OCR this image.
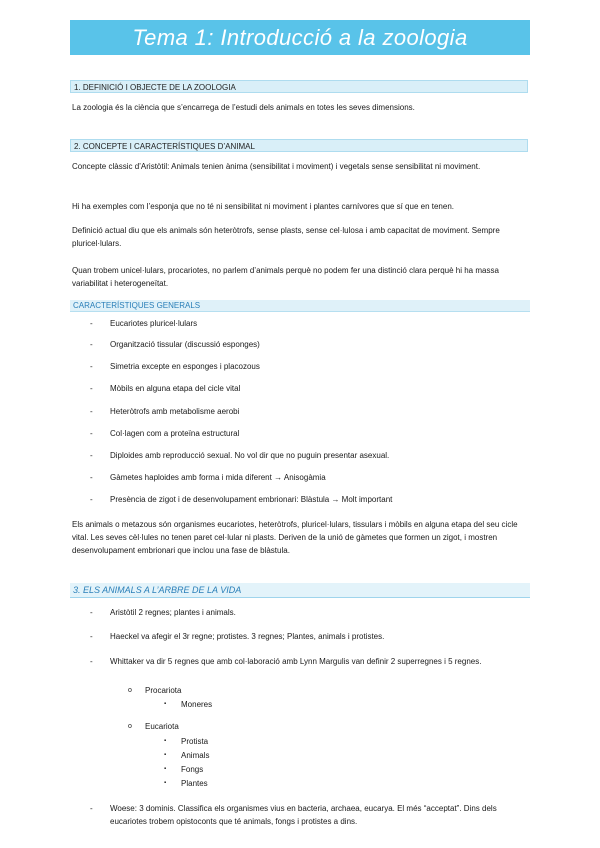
Tema 1: Introducció a la zoologia
1. DEFINICIÓ I OBJECTE DE LA ZOOLOGIA
La zoologia és la ciència que s’encarrega de l’estudi dels animals en totes les seves dimensions.
2. CONCEPTE I CARACTERÍSTIQUES D’ANIMAL
Concepte clàssic d’Aristòtil: Animals tenien ànima (sensibilitat i moviment) i vegetals sense sensibilitat ni moviment.
Hi ha exemples com l’esponja que no té ni sensibilitat ni moviment i plantes carnívores que sí que en tenen.
Definició actual diu que els animals són heteròtrofs, sense plasts, sense cel·lulosa i amb capacitat de moviment. Sempre pluricel·lulars.
Quan trobem unicel·lulars, procariotes, no parlem d’animals perquè no podem fer una distinció clara perquè hi ha massa variabilitat i heterogeneïtat.
CARACTERÍSTIQUES GENERALS
- Eucariotes pluricel·lulars
- Organització tissular (discussió esponges)
- Simetria excepte en esponges i placozous
- Mòbils en alguna etapa del cicle vital
- Heteròtrofs amb metabolisme aerobi
- Col·lagen com a proteïna estructural
- Diploides amb reproducció sexual. No vol dir que no puguin presentar asexual.
- Gàmetes haploides amb forma i mida diferent → Anisogàmia
- Presència de zigot i de desenvolupament embrionari: Blàstula → Molt important
Els animals o metazous són organismes eucariotes, heteròtrofs, pluricel·lulars, tissulars i mòbils en alguna etapa del seu cicle vital. Les seves cèl·lules no tenen paret cel·lular ni plasts. Deriven de la unió de gàmetes que formen un zigot, i mostren desenvolupament embrionari que inclou una fase de blàstula.
3. ELS ANIMALS A L’ARBRE DE LA VIDA
- Aristòtil 2 regnes; plantes i animals.
- Haeckel va afegir el 3r regne; protistes. 3 regnes; Plantes, animals i protistes.
- Whittaker va dir 5 regnes que amb col·laboració amb Lynn Margulis van definir 2 superregnes i 5 regnes.
o Procariota
▪ Moneres
o Eucariota
▪ Protista
▪ Animals
▪ Fongs
▪ Plantes
- Woese: 3 dominis. Classifica els organismes vius en bacteria, archaea, eucarya. El més “acceptat”. Dins dels eucariotes trobem opistoconts que té animals, fongs i protistes a dins.
